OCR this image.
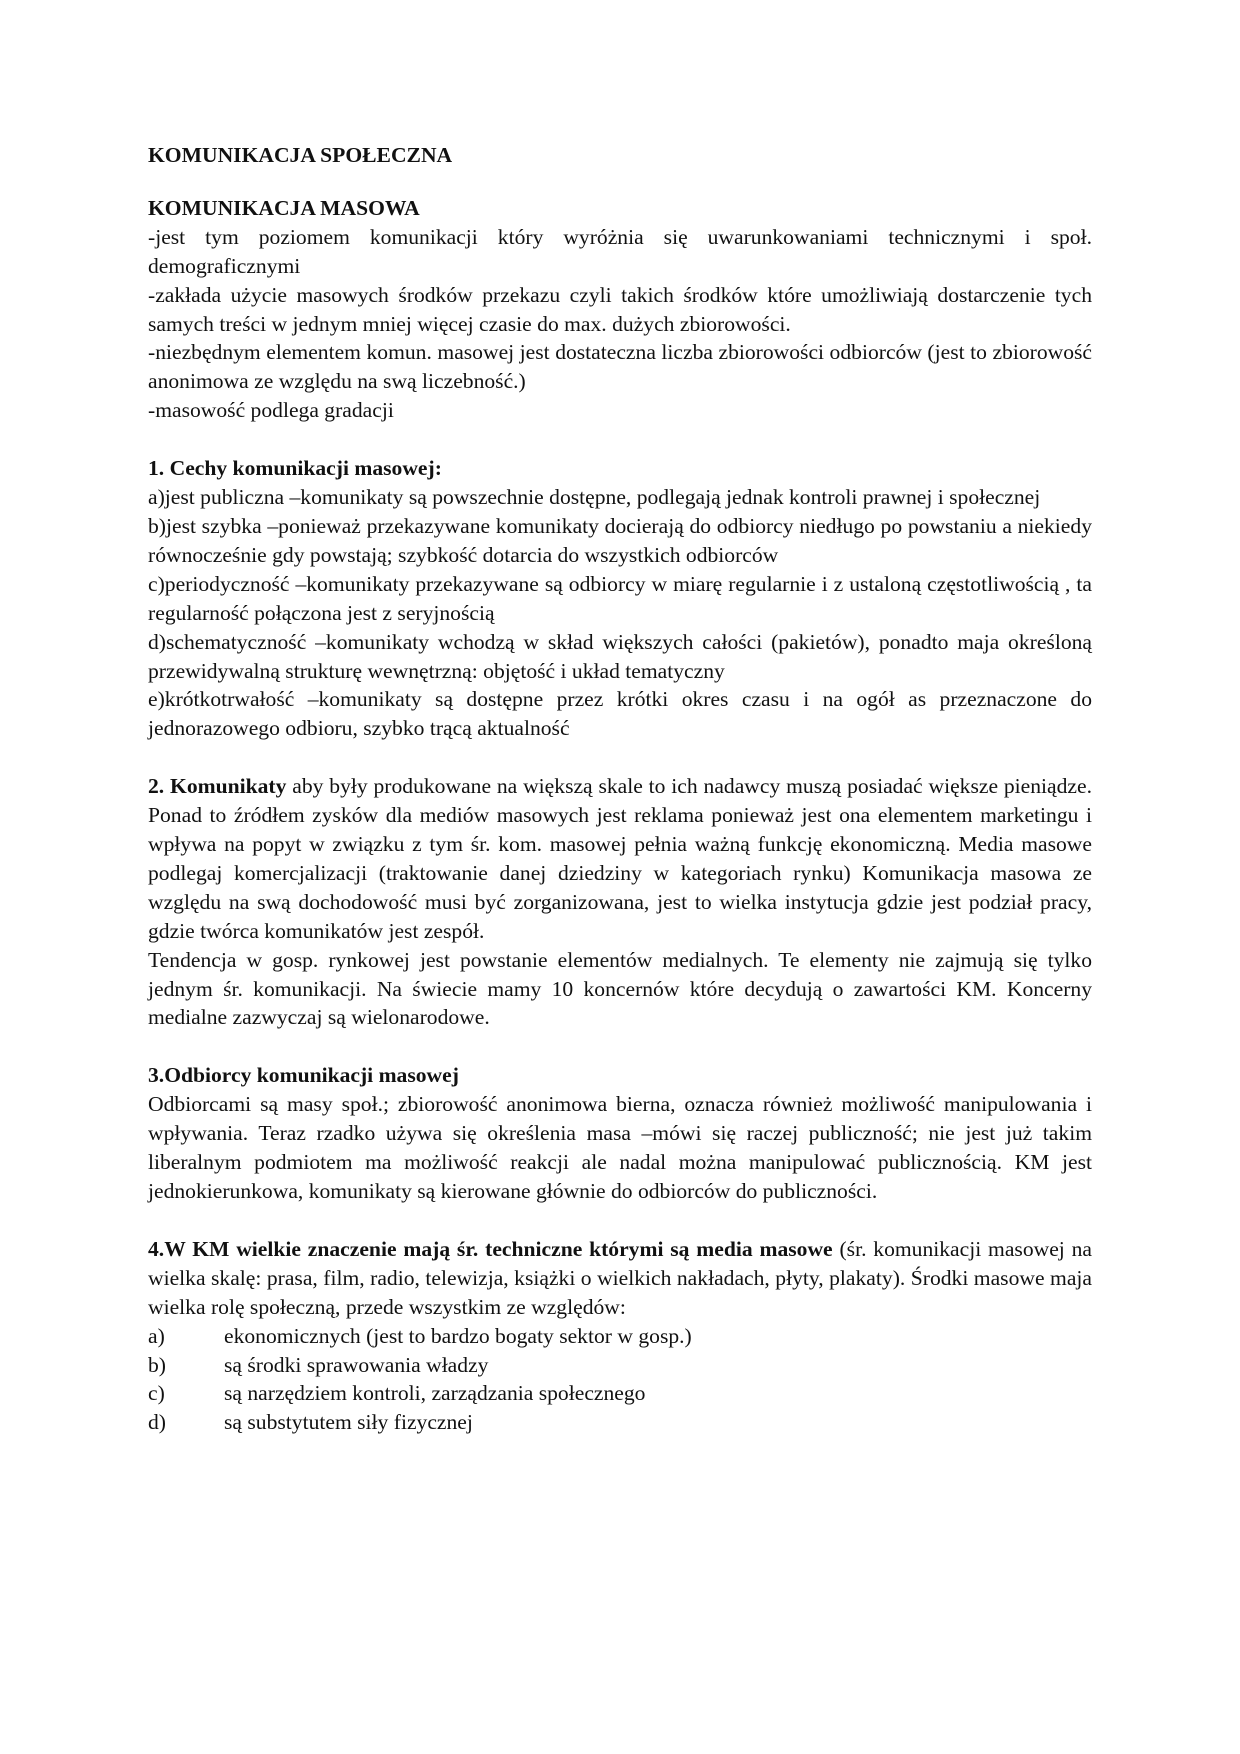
KOMUNIKACJA SPOŁECZNA

KOMUNIKACJA MASOWA

-jest tym poziomem komunikacji który wyróżnia się uwarunkowaniami technicznymi i społ. demograficznymi

-zakłada użycie masowych środków przekazu czyli takich środków które umożliwiają dostarczenie tych samych treści w jednym mniej więcej czasie do max. dużych zbiorowości.

-niezbędnym elementem komun. masowej jest dostateczna liczba zbiorowości odbiorców (jest to zbiorowość anonimowa ze względu na swą liczebność.)

-masowość podlega gradacji

1. Cechy komunikacji masowej:

a)jest publiczna –komunikaty są powszechnie dostępne, podlegają jednak kontroli prawnej i społecznej

b)jest szybka –ponieważ przekazywane komunikaty docierają do odbiorcy niedługo po powstaniu a niekiedy równocześnie gdy powstają; szybkość dotarcia do wszystkich odbiorców

c)periodyczność –komunikaty przekazywane są odbiorcy w miarę regularnie i z ustaloną częstotliwością , ta regularność połączona jest z seryjnością

d)schematyczność –komunikaty wchodzą w skład większych całości (pakietów), ponadto maja określoną przewidywalną strukturę wewnętrzną: objętość i układ tematyczny

e)krótkotrwałość –komunikaty są dostępne przez krótki okres czasu i na ogół as przeznaczone do jednorazowego odbioru, szybko trącą aktualność

2. Komunikaty aby były produkowane na większą skale to ich nadawcy muszą posiadać większe pieniądze. Ponad to źródłem zysków dla mediów masowych jest reklama ponieważ jest ona elementem marketingu i wpływa na popyt w związku z tym śr. kom. masowej pełnia ważną funkcję ekonomiczną. Media masowe podlegaj komercjalizacji (traktowanie danej dziedziny w kategoriach rynku) Komunikacja masowa ze względu na swą dochodowość musi być zorganizowana, jest to wielka instytucja gdzie jest podział pracy, gdzie twórca komunikatów jest zespół.

Tendencja w gosp. rynkowej jest powstanie elementów medialnych. Te elementy nie zajmują się tylko jednym śr. komunikacji. Na świecie mamy 10 koncernów które decydują o zawartości KM. Koncerny medialne zazwyczaj są wielonarodowe.

3.Odbiorcy komunikacji masowej

Odbiorcami są masy społ.; zbiorowość anonimowa bierna, oznacza również możliwość manipulowania i wpływania. Teraz rzadko używa się określenia masa –mówi się raczej publiczność; nie jest już takim liberalnym podmiotem ma możliwość reakcji ale nadal można manipulować publicznością. KM jest jednokierunkowa, komunikaty są kierowane głównie do odbiorców do publiczności.

4.W KM wielkie znaczenie mają śr. techniczne którymi są media masowe (śr. komunikacji masowej na wielka skalę: prasa, film, radio, telewizja, książki o wielkich nakładach, płyty, plakaty). Środki masowe maja wielka rolę społeczną, przede wszystkim ze względów:

a)	ekonomicznych (jest to bardzo bogaty sektor w gosp.)
b)	są środki sprawowania władzy
c)	są narzędziem kontroli, zarządzania społecznego
d)	są substytutem siły fizycznej
